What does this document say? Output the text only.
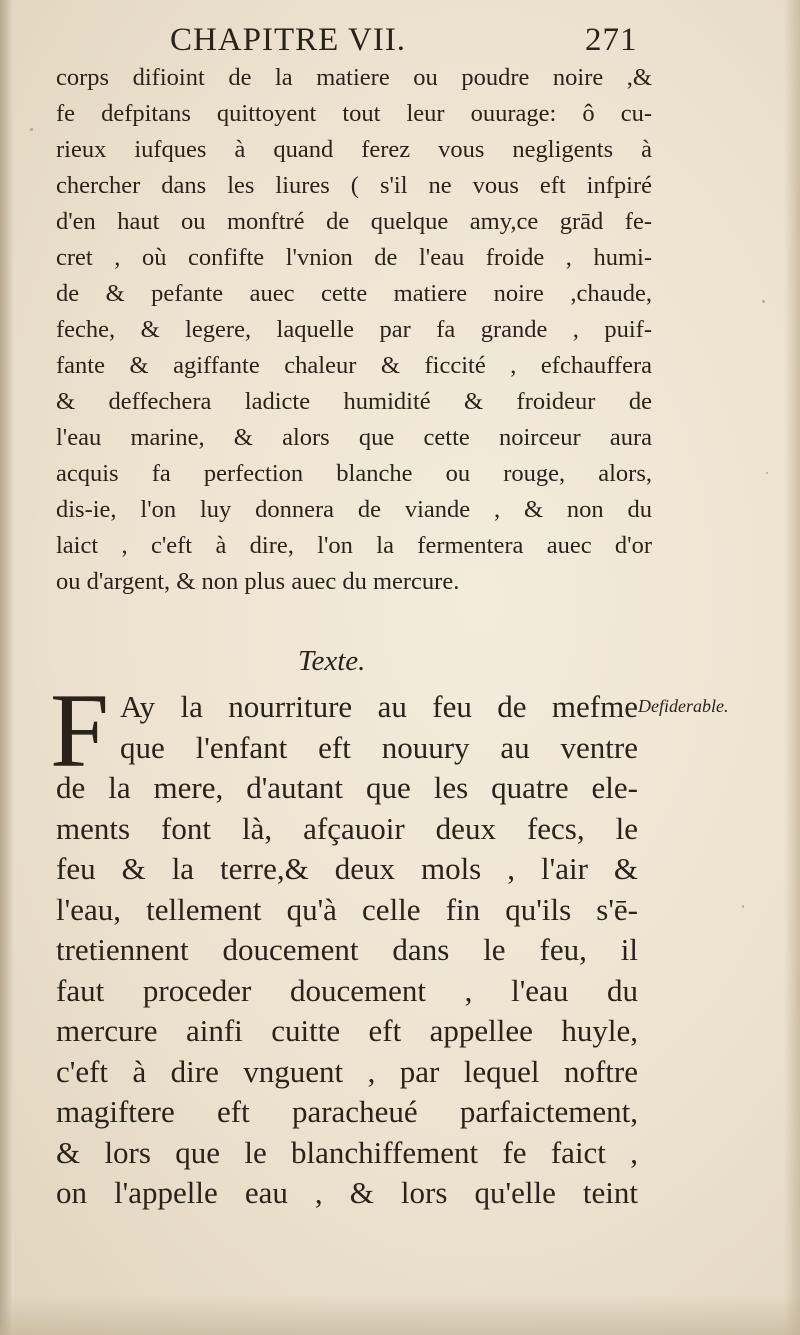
CHAPITRE VII.	271
corps difioint de la matiere ou poudre noire ,&
fe defpitans quittoyent tout leur ouurage: ô cu-
rieux iufques à quand ferez vous negligents à
chercher dans les liures ( s'il ne vous eft infpiré
d'en haut ou monftré de quelque amy,ce grād fe-
cret , où confifte l'vnion de l'eau froide , humi-
de & pefante auec cette matiere noire ,chaude,
feche, & legere, laquelle par fa grande , puif-
fante & agiffante chaleur & ficcité , efchauffera
& deffechera ladicte humidité & froideur de
l'eau marine, & alors que cette noirceur aura
acquis fa perfection blanche ou rouge, alors,
dis-ie, l'on luy donnera de viande , & non du
laict , c'eft à dire, l'on la fermentera auec d'or
ou d'argent, & non plus auec du mercure.
Texte.
F	Defiderable.
Ay la nourriture au feu de mefme
que l'enfant eft nouury au ventre
de la mere, d'autant que les quatre ele-
ments font là, afçauoir deux fecs, le
feu & la terre,& deux mols , l'air &
l'eau, tellement qu'à celle fin qu'ils s'ē-
tretiennent doucement dans le feu, il
faut proceder doucement , l'eau du
mercure ainfi cuitte eft appellee huyle,
c'eft à dire vnguent , par lequel noftre
magiftere eft paracheué parfaictement,
& lors que le blanchiffement fe faict ,
on l'appelle eau , & lors qu'elle teint
